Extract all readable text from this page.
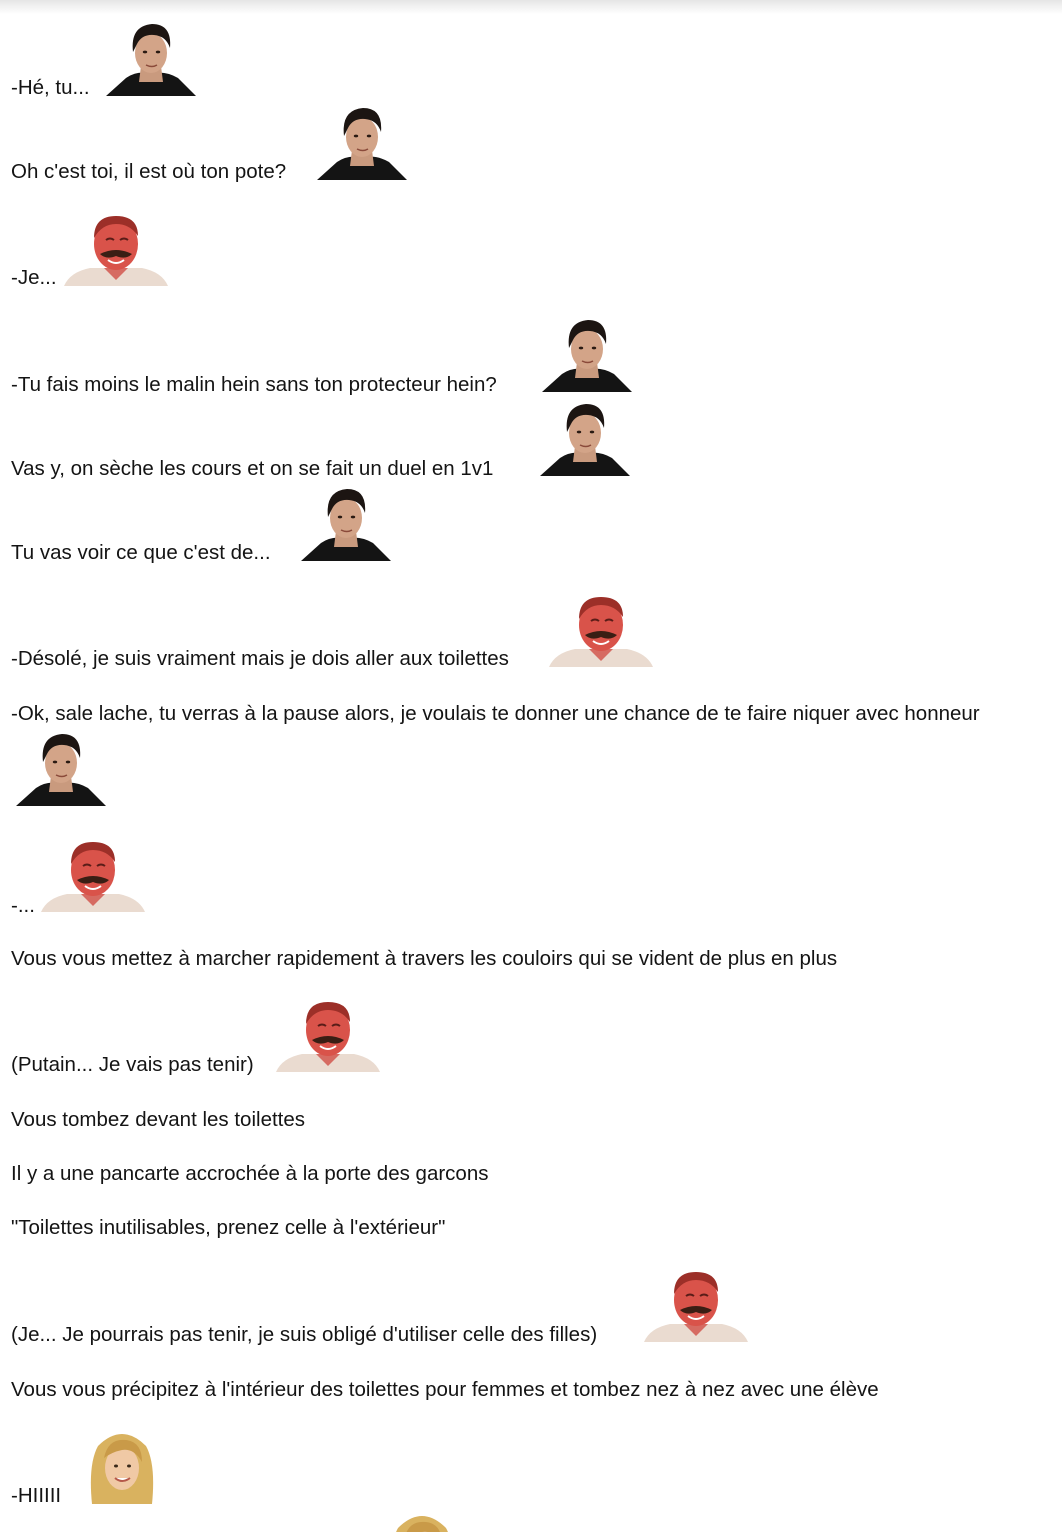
-Hé, tu...
Oh c'est toi, il est où ton pote?
-Je...
-Tu fais moins le malin hein sans ton protecteur hein?
Vas y, on sèche les cours et on se fait un duel en 1v1
Tu vas voir ce que c'est de...
-Désolé, je suis vraiment mais je dois aller aux toilettes
-Ok, sale lache, tu verras à la pause alors, je voulais te donner une chance de te faire niquer avec honneur
-...
Vous vous mettez à marcher rapidement à travers les couloirs qui se vident de plus en plus
(Putain... Je vais pas tenir)
Vous tombez devant les toilettes
Il y a une pancarte accrochée à la porte des garcons
"Toilettes inutilisables, prenez celle à l'extérieur"
(Je... Je pourrais pas tenir, je suis obligé d'utiliser celle des filles)
Vous vous précipitez à l'intérieur des toilettes pour femmes et tombez nez à nez avec une élève
-HIIIII
